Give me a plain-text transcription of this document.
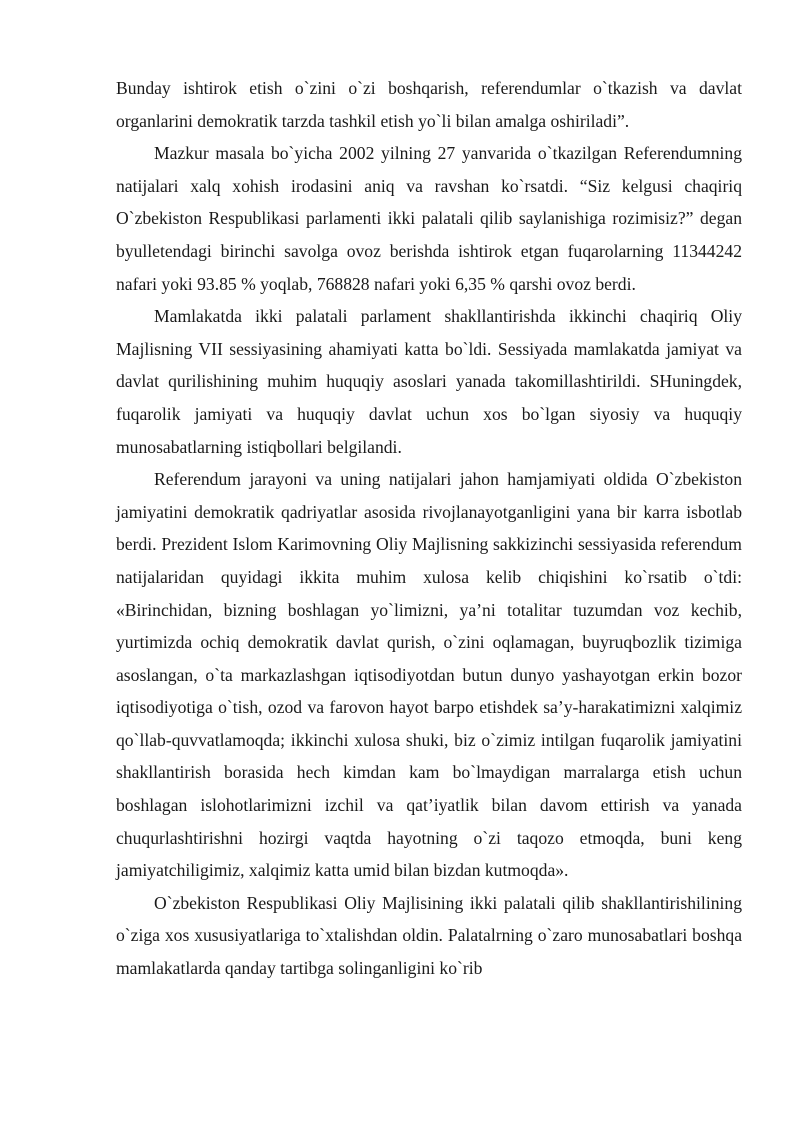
Bunday ishtirok etish o`zini o`zi boshqarish, referendumlar o`tkazish va davlat organlarini demokratik tarzda tashkil etish yo`li bilan amalga oshiriladi”.

Mazkur masala bo`yicha 2002 yilning 27 yanvarida o`tkazilgan Referendumning natijalari xalq xohish irodasini aniq va ravshan ko`rsatdi. “Siz kelgusi chaqiriq O`zbekiston Respublikasi parlamenti ikki palatali qilib saylanishiga rozimisiz?” degan byulletendagi birinchi savolga ovoz berishda ishtirok etgan fuqarolarning 11344242 nafari yoki 93.85 % yoqlab, 768828 nafari yoki 6,35 % qarshi ovoz berdi.

Mamlakatda ikki palatali parlament shakllantirishda ikkinchi chaqiriq Oliy Majlisning VII sessiyasining ahamiyati katta bo`ldi. Sessiyada mamlakatda jamiyat va davlat qurilishining muhim huquqiy asoslari yanada takomillashtirildi. SHuningdek, fuqarolik jamiyati va huquqiy davlat uchun xos bo`lgan siyosiy va huquqiy munosabatlarning istiqbollari belgilandi.

Referendum jarayoni va uning natijalari jahon hamjamiyati oldida O`zbekiston jamiyatini demokratik qadriyatlar asosida rivojlanayotganligini yana bir karra isbotlab berdi. Prezident Islom Karimovning Oliy Majlisning sakkizinchi sessiyasida referendum natijalaridan quyidagi ikkita muhim xulosa kelib chiqishini ko`rsatib o`tdi: «Birinchidan, bizning boshlagan yo`limizni, ya’ni totalitar tuzumdan voz kechib, yurtimizda ochiq demokratik davlat qurish, o`zini oqlamagan, buyruqbozlik tizimiga asoslangan, o`ta markazlashgan iqtisodiyotdan butun dunyo yashayotgan erkin bozor iqtisodiyotiga o`tish, ozod va farovon hayot barpo etishdek sa’y-harakatimizni xalqimiz qo`llab-quvvatlamoqda; ikkinchi xulosa shuki, biz o`zimiz intilgan fuqarolik jamiyatini shakllantirish borasida hech kimdan kam bo`lmaydigan marralarga etish uchun boshlagan islohotlarimizni izchil va qat’iyatlik bilan davom ettirish va yanada chuqurlashtirishni hozirgi vaqtda hayotning o`zi taqozo etmoqda, buni keng jamiyatchiligimiz, xalqimiz katta umid bilan bizdan kutmoqda».

O`zbekiston Respublikasi Oliy Majlisining ikki palatali qilib shakllantirishilining o`ziga xos xususiyatlariga to`xtalishdan oldin. Palatalrning o`zaro munosabatlari boshqa mamlakatlarda qanday tartibga solinganligini ko`rib
